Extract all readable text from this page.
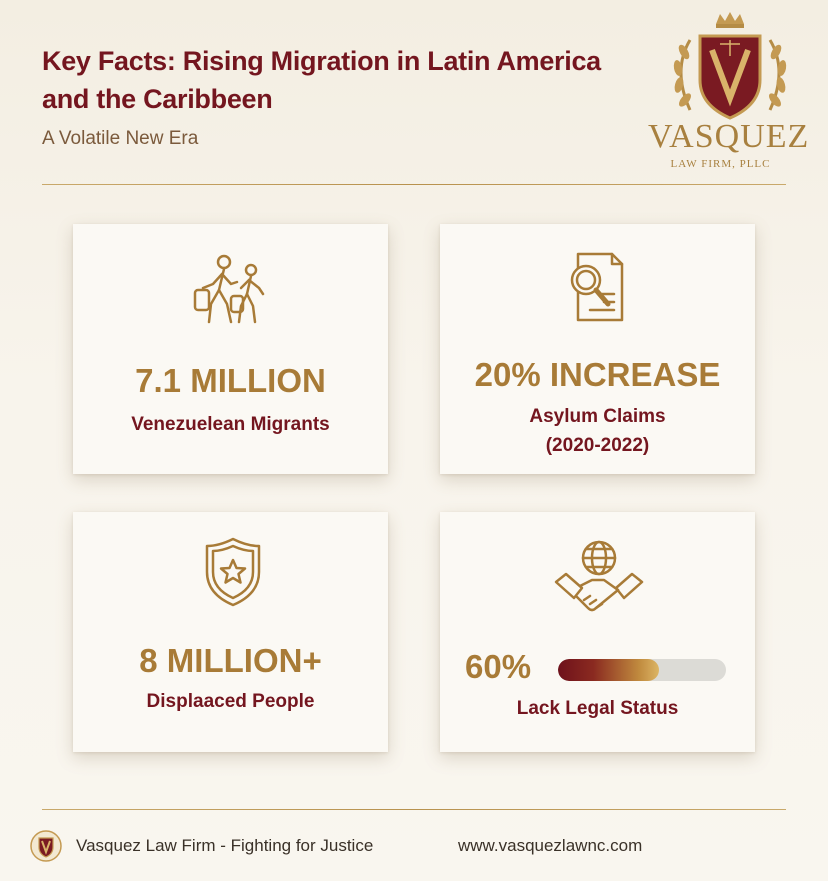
Key Facts: Rising Migration in Latin America and the Caribbeen
A Volatile New Era	VASQUEZ
LAW FIRM, PLLC
7.1 MILLION
Venezuelean Migrants
20% INCREASE
Asylum Claims
(2020-2022)
8 MILLION+
Displaaced People
60%
Lack Legal Status
Vasquez Law Firm - Fighting for Justice	www.vasquezlawnc.com
